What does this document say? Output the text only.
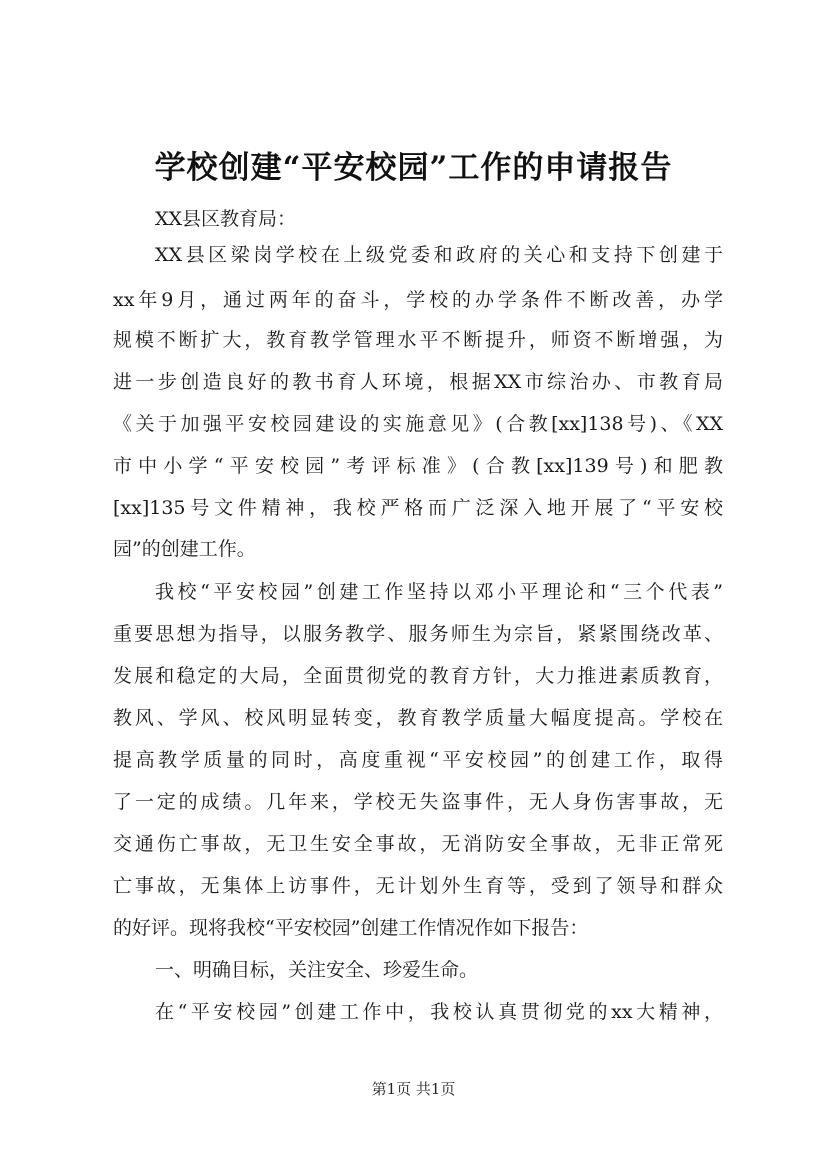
学校创建“平安校园”工作的申请报告

XX县区教育局：

XX县区梁岗学校在上级党委和政府的关心和支持下创建于

xx年9月，通过两年的奋斗，学校的办学条件不断改善，办学

规模不断扩大，教育教学管理水平不断提升，师资不断增强，为

进一步创造良好的教书育人环境，根据XX市综治办、市教育局

《关于加强平安校园建设的实施意见》(合教[xx]138号)、《XX

市中小学“平安校园”考评标准》(合教[xx]139号)和肥教

[xx]135号文件精神，我校严格而广泛深入地开展了“平安校

园”的创建工作。

我校“平安校园”创建工作坚持以邓小平理论和“三个代表”

重要思想为指导，以服务教学、服务师生为宗旨，紧紧围绕改革、

发展和稳定的大局，全面贯彻党的教育方针，大力推进素质教育，

教风、学风、校风明显转变，教育教学质量大幅度提高。学校在

提高教学质量的同时，高度重视“平安校园”的创建工作，取得

了一定的成绩。几年来，学校无失盗事件，无人身伤害事故，无

交通伤亡事故，无卫生安全事故，无消防安全事故，无非正常死

亡事故，无集体上访事件，无计划外生育等，受到了领导和群众

的好评。现将我校“平安校园”创建工作情况作如下报告：

一、明确目标，关注安全、珍爱生命。

在“平安校园”创建工作中，我校认真贯彻党的xx大精神，

第1页 共1页
